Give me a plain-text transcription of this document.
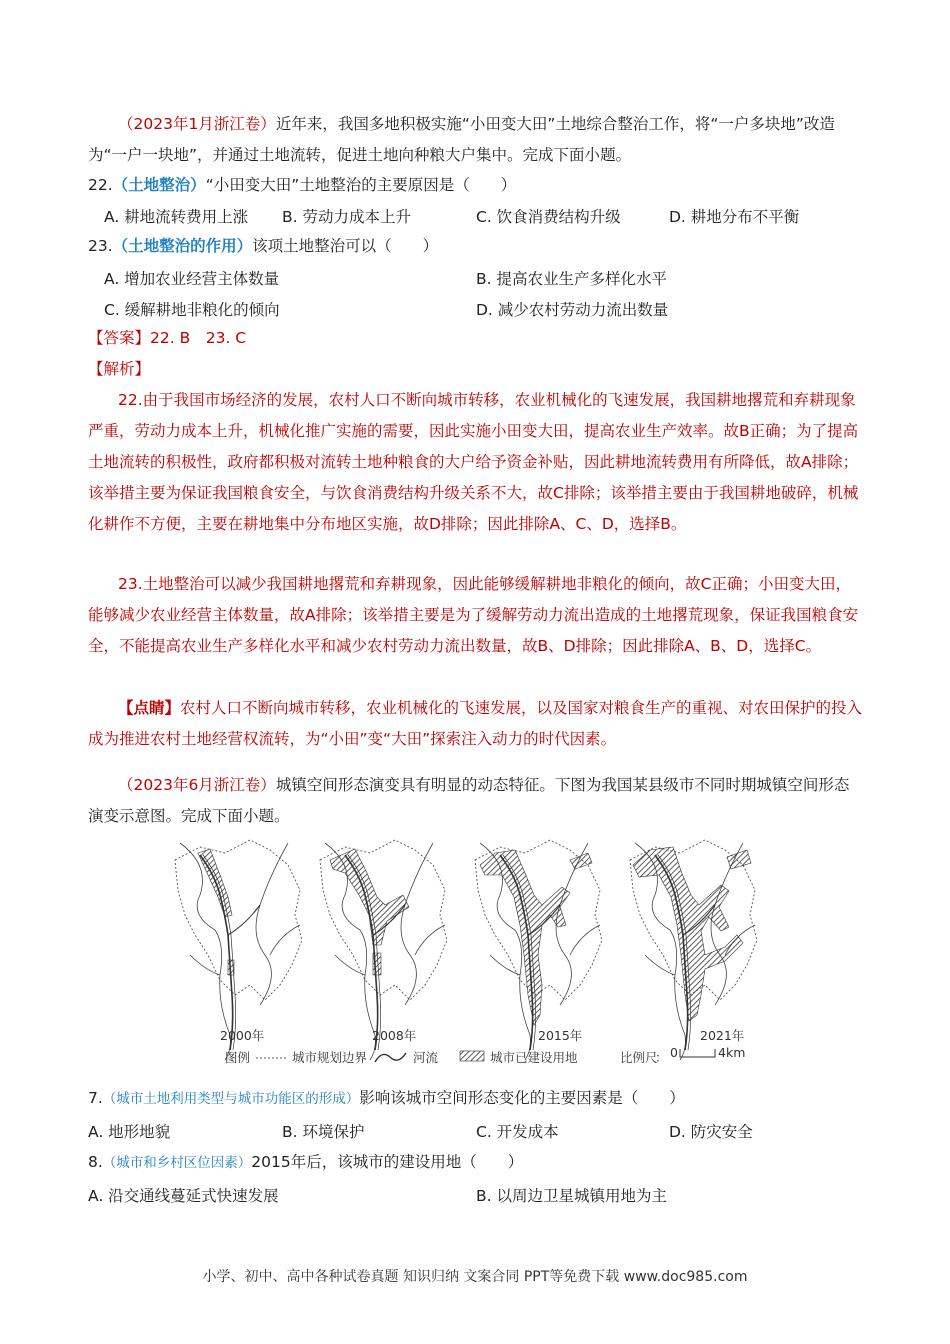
（2023年1月浙江卷）近年来，我国多地积极实施“小田变大田”土地综合整治工作，将“一户多块地”改造为“一户一块地”，并通过土地流转，促进土地向种粮大户集中。完成下面小题。
22.（土地整治）“小田变大田”土地整治的主要原因是（　　）
A. 耕地流转费用上涨 B. 劳动力成本上升	C. 饮食消费结构升级	D. 耕地分布不平衡
23.（土地整治的作用）该项土地整治可以（　　）
A. 增加农业经营主体数量	B. 提高农业生产多样化水平
C. 缓解耕地非粮化的倾向	D. 减少农村劳动力流出数量
【答案】22. B　23. C
【解析】
22.由于我国市场经济的发展，农村人口不断向城市转移，农业机械化的飞速发展，我国耕地撂荒和弃耕现象严重，劳动力成本上升，机械化推广实施的需要，因此实施小田变大田，提高农业生产效率。故B正确；为了提高土地流转的积极性，政府都积极对流转土地种粮食的大户给予资金补贴，因此耕地流转费用有所降低，故A排除；该举措主要为保证我国粮食安全，与饮食消费结构升级关系不大，故C排除；该举措主要由于我国耕地破碎，机械化耕作不方便，主要在耕地集中分布地区实施，故D排除；因此排除A、C、D，选择B。
23.土地整治可以减少我国耕地撂荒和弃耕现象，因此能够缓解耕地非粮化的倾向，故C正确；小田变大田，能够减少农业经营主体数量，故A排除；该举措主要是为了缓解劳动力流出造成的土地撂荒现象，保证我国粮食安全，不能提高农业生产多样化水平和减少农村劳动力流出数量，故B、D排除；因此排除A、B、D，选择C。
【点睛】农村人口不断向城市转移，农业机械化的飞速发展，以及国家对粮食生产的重视、对农田保护的投入成为推进农村土地经营权流转，为“小田”变“大田”探索注入动力的时代因素。
（2023年6月浙江卷）城镇空间形态演变具有明显的动态特征。下图为我国某县级市不同时期城镇空间形态演变示意图。完成下面小题。
2000年	2008年	2015年	2021年
图例	城市规划边界	河流	城市已建设用地	比例尺
： 0	4km
7.（城市土地利用类型与城市功能区的形成）影响该城市空间形态变化的主要因素是（　　）
A. 地形地貌	B. 环境保护	C. 开发成本	D. 防灾安全
8.（城市和乡村区位因素）2015年后，该城市的建设用地（　　）
A. 沿交通线蔓延式快速发展	B. 以周边卫星城镇用地为主
小学、初中、高中各种试卷真题 知识归纳 文案合同 PPT等免费下载 www.doc985.com
